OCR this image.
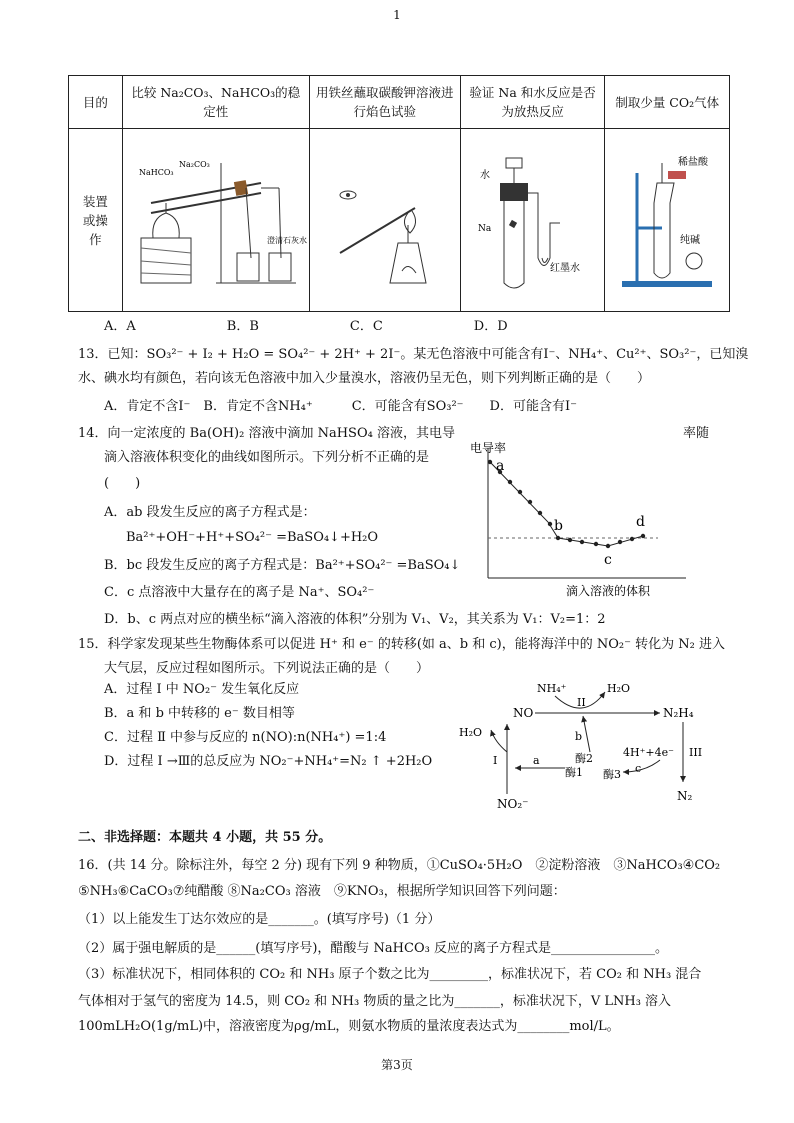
1
目的	比较 Na₂CO₃、NaHCO₃的稳定性	用铁丝蘸取碳酸钾溶液进行焰色试验	验证 Na 和水反应是否为放热反应	制取少量 CO₂气体
装置或操作	NaHCO₃
Na₂CO₃
澄清石灰水		水
Na
红墨水	稀盐酸
纯碱
A．A　　　　　　　B．B　　　　　　　C．C　　　　　　　D．D
13．已知：SO₃²⁻ + I₂ + H₂O = SO₄²⁻ + 2H⁺ + 2I⁻。某无色溶液中可能含有I⁻、NH₄⁺、Cu²⁺、SO₃²⁻，已知溴
水、碘水均有颜色，若向该无色溶液中加入少量溴水，溶液仍呈无色，则下列判断正确的是（　　）
A．肯定不含I⁻　B．肯定不含NH₄⁺　　　C．可能含有SO₃²⁻　　D．可能含有I⁻
14．向一定浓度的 Ba(OH)₂ 溶液中滴加 NaHSO₄ 溶液，其电导	率随
滴入溶液体积变化的曲线如图所示。下列分析不正确的是
(　　)
A．ab 段发生反应的离子方程式是：
Ba²⁺+OH⁻+H⁺+SO₄²⁻ =BaSO₄↓+H₂O
B．bc 段发生反应的离子方程式是：Ba²⁺+SO₄²⁻ =BaSO₄↓
C．c 点溶液中大量存在的离子是 Na⁺、SO₄²⁻
D．b、c 两点对应的横坐标“滴入溶液的体积”分别为 V₁、V₂，其关系为 V₁：V₂=1：2
电导率
a
b
c
d
滴入溶液的体积
15．科学家发现某些生物酶体系可以促进 H⁺ 和 e⁻ 的转移(如 a、b 和 c)，能将海洋中的 NO₂⁻ 转化为 N₂ 进入
大气层，反应过程如图所示。下列说法正确的是（　　）
A．过程 Ⅰ 中 NO₂⁻ 发生氧化反应
B．a 和 b 中转移的 e⁻ 数目相等
C．过程 Ⅱ 中参与反应的 n(NO):n(NH₄⁺) =1:4
D．过程 Ⅰ →Ⅲ的总反应为 NO₂⁻+NH₄⁺=N₂ ↑ +2H₂O
NO	N₂H₄
NH₄⁺	H₂O
II
H₂O
I	a
酶1
b
酶2	4H⁺+4e⁻
c
酶3
III
N₂
NO₂⁻
二、非选择题：本题共 4 小题，共 55 分。
16．(共 14 分。除标注外，每空 2 分) 现有下列 9 种物质，①CuSO₄·5H₂O　②淀粉溶液　③NaHCO₃④CO₂
⑤NH₃⑥CaCO₃⑦纯醋酸 ⑧Na₂CO₃ 溶液　⑨KNO₃，根据所学知识回答下列问题：
（1）以上能发生丁达尔效应的是_______。(填写序号)（1 分）
（2）属于强电解质的是______(填写序号)，醋酸与 NaHCO₃ 反应的离子方程式是________________。
（3）标准状况下，相同体积的 CO₂ 和 NH₃ 原子个数之比为_________，标准状况下，若 CO₂ 和 NH₃ 混合
气体相对于氢气的密度为 14.5，则 CO₂ 和 NH₃ 物质的量之比为_______，标准状况下，V LNH₃ 溶入
100mLH₂O(1g/mL)中，溶液密度为ρg/mL，则氨水物质的量浓度表达式为________mol/L。
第3页
